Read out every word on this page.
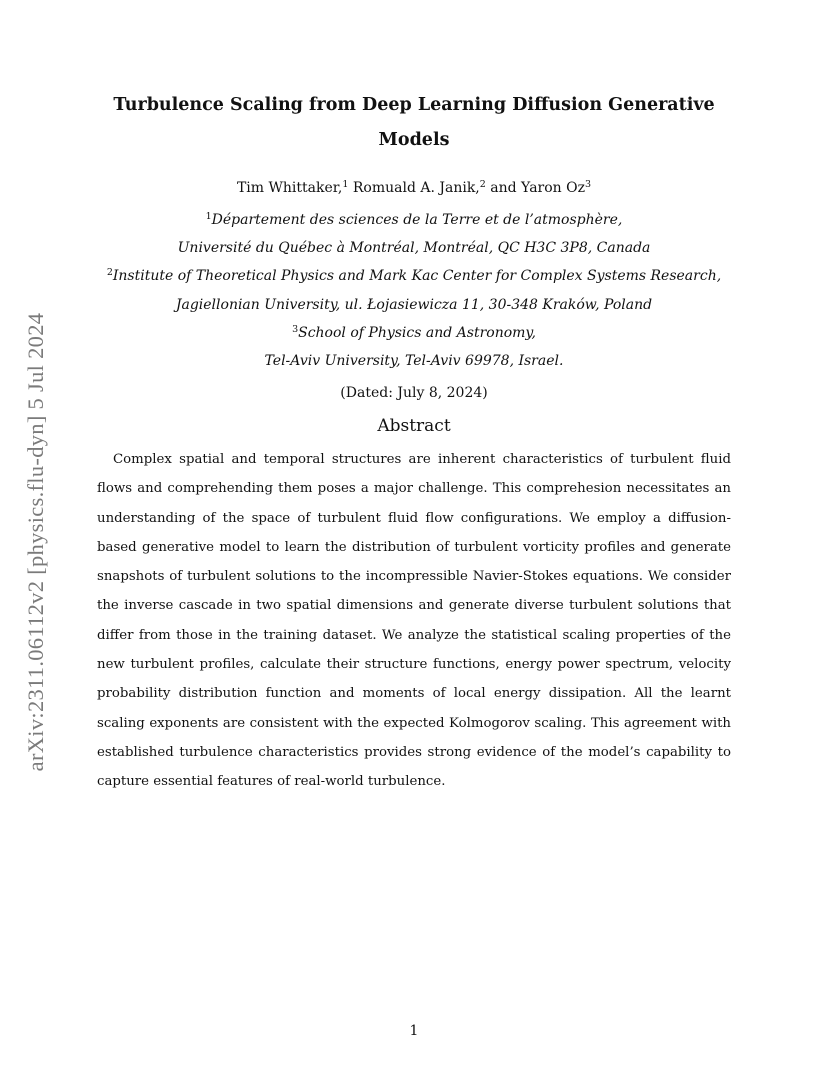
arXiv:2311.06112v2 [physics.flu-dyn] 5 Jul 2024
Turbulence Scaling from Deep Learning Diffusion Generative Models
Tim Whittaker,$^1$ Romuald A. Janik,$^2$ and Yaron Oz$^3$
$^1$Département des sciences de la Terre et de l’atmosphère,
Université du Québec à Montréal, Montréal, QC H3C 3P8, Canada
$^2$Institute of Theoretical Physics and Mark Kac Center for Complex Systems Research,
Jagiellonian University, ul. Łojasiewicza 11, 30-348 Kraków, Poland
$^3$School of Physics and Astronomy,
Tel-Aviv University, Tel-Aviv 69978, Israel.
(Dated: July 8, 2024)
Abstract

Complex spatial and temporal structures are inherent characteristics of turbulent fluid flows and comprehending them poses a major challenge. This comprehesion necessitates an understanding of the space of turbulent fluid flow configurations. We employ a diffusion-based generative model to learn the distribution of turbulent vorticity profiles and generate snapshots of turbulent solutions to the incompressible Navier-Stokes equations. We consider the inverse cascade in two spatial dimensions and generate diverse turbulent solutions that differ from those in the training dataset. We analyze the statistical scaling properties of the new turbulent profiles, calculate their structure functions, energy power spectrum, velocity probability distribution function and moments of local energy dissipation. All the learnt scaling exponents are consistent with the expected Kolmogorov scaling. This agreement with established turbulence characteristics provides strong evidence of the model’s capability to capture essential features of real-world turbulence.

1
